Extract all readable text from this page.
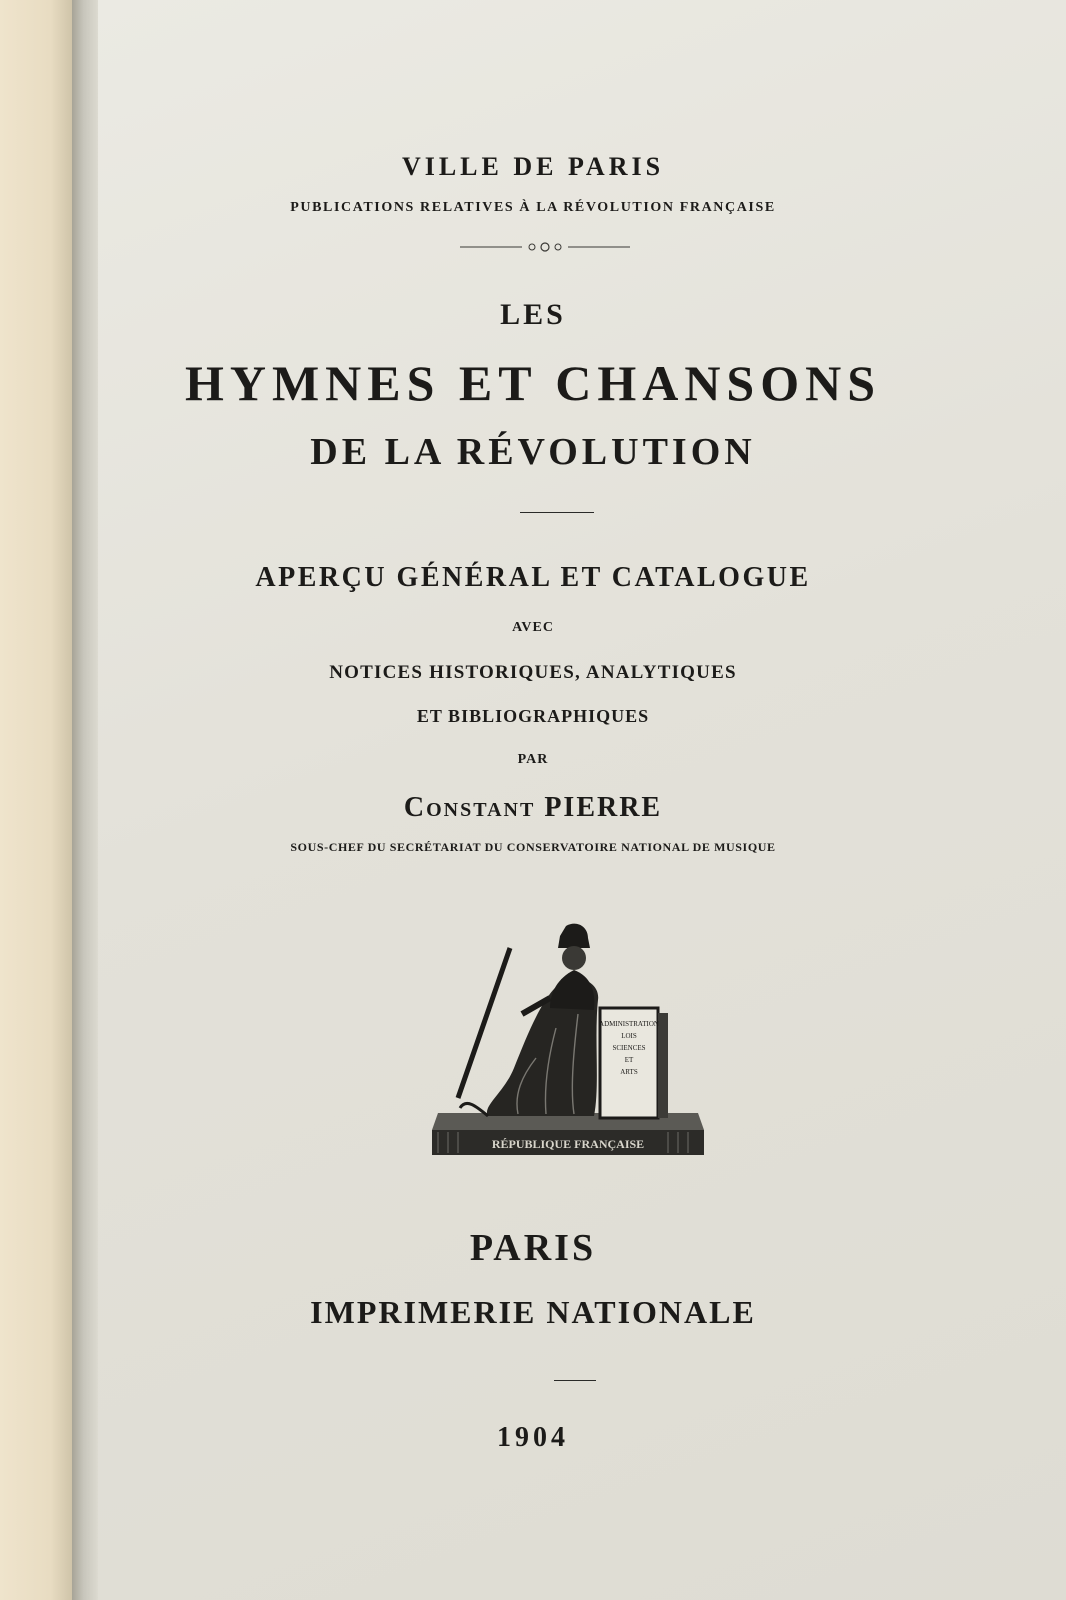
VILLE DE PARIS
PUBLICATIONS RELATIVES À LA RÉVOLUTION FRANÇAISE
LES
HYMNES ET CHANSONS
DE LA RÉVOLUTION
APERÇU GÉNÉRAL ET CATALOGUE
AVEC
NOTICES HISTORIQUES, ANALYTIQUES
ET BIBLIOGRAPHIQUES
PAR
Constant PIERRE
SOUS-CHEF DU SECRÉTARIAT DU CONSERVATOIRE NATIONAL DE MUSIQUE
RÉPUBLIQUE FRANÇAISE
ADMINISTRATION
LOIS
SCIENCES
ET
ARTS
PARIS
IMPRIMERIE NATIONALE
1904
